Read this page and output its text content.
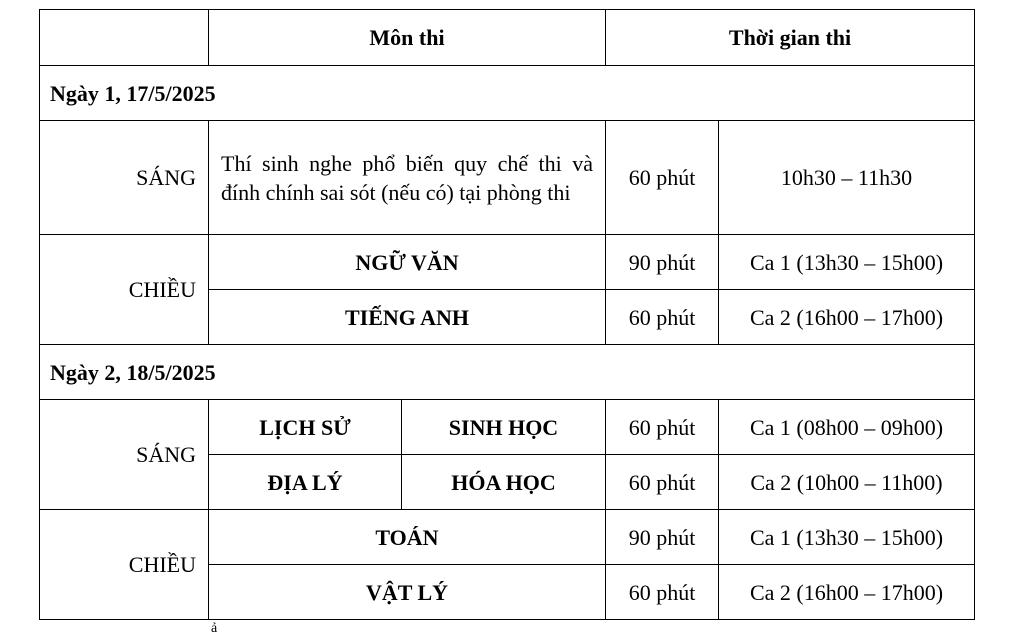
	Môn thi		Thời gian thi	
Ngày 1, 17/5/2025				
SÁNG	Thí sinh nghe phổ biến quy chế thi và đính chính sai sót (nếu có) tại phòng thi		60 phút	10h30 – 11h30
CHIỀU	NGỮ VĂN		90 phút	Ca 1 (13h30 – 15h00)
	TIẾNG ANH		60 phút	Ca 2 (16h00 – 17h00)
Ngày 2, 18/5/2025				
SÁNG	LỊCH SỬ	SINH HỌC	60 phút	Ca 1 (08h00 – 09h00)
	ĐỊA LÝ	HÓA HỌC	60 phút	Ca 2 (10h00 – 11h00)
CHIỀU	TOÁN		90 phút	Ca 1 (13h30 – 15h00)
	VẬT LÝ		60 phút	Ca 2 (16h00 – 17h00)
ả
